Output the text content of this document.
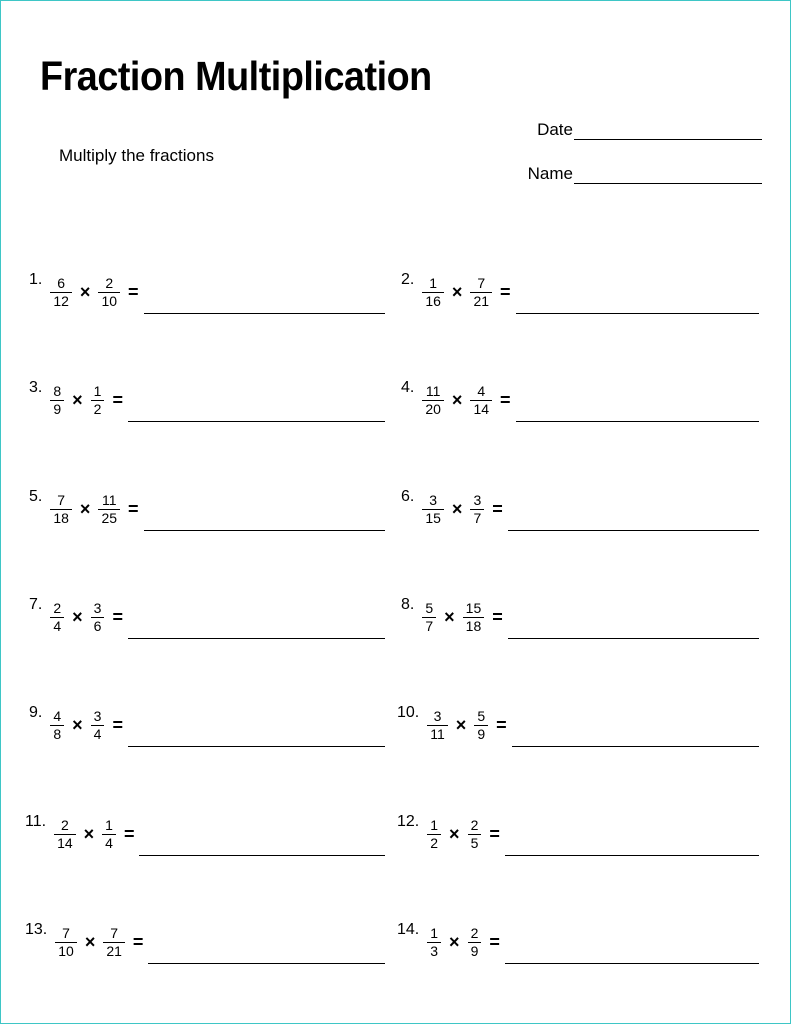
Fraction Multiplication
Multiply the fractions
Date
Name
1. $\frac{6}{12} \times \frac{2}{10}$ =
2. $\frac{1}{16} \times \frac{7}{21}$ =
3. $\frac{8}{9} \times \frac{1}{2}$ =
4. $\frac{11}{20} \times \frac{4}{14}$ =
5. $\frac{7}{18} \times \frac{11}{25}$ =
6. $\frac{3}{15} \times \frac{3}{7}$ =
7. $\frac{2}{4} \times \frac{3}{6}$ =
8. $\frac{5}{7} \times \frac{15}{18}$ =
9. $\frac{4}{8} \times \frac{3}{4}$ =
10. $\frac{3}{11} \times \frac{5}{9}$ =
11. $\frac{2}{14} \times \frac{1}{4}$ =
12. $\frac{1}{2} \times \frac{2}{5}$ =
13. $\frac{7}{10} \times \frac{7}{21}$ =
14. $\frac{1}{3} \times \frac{2}{9}$ =
